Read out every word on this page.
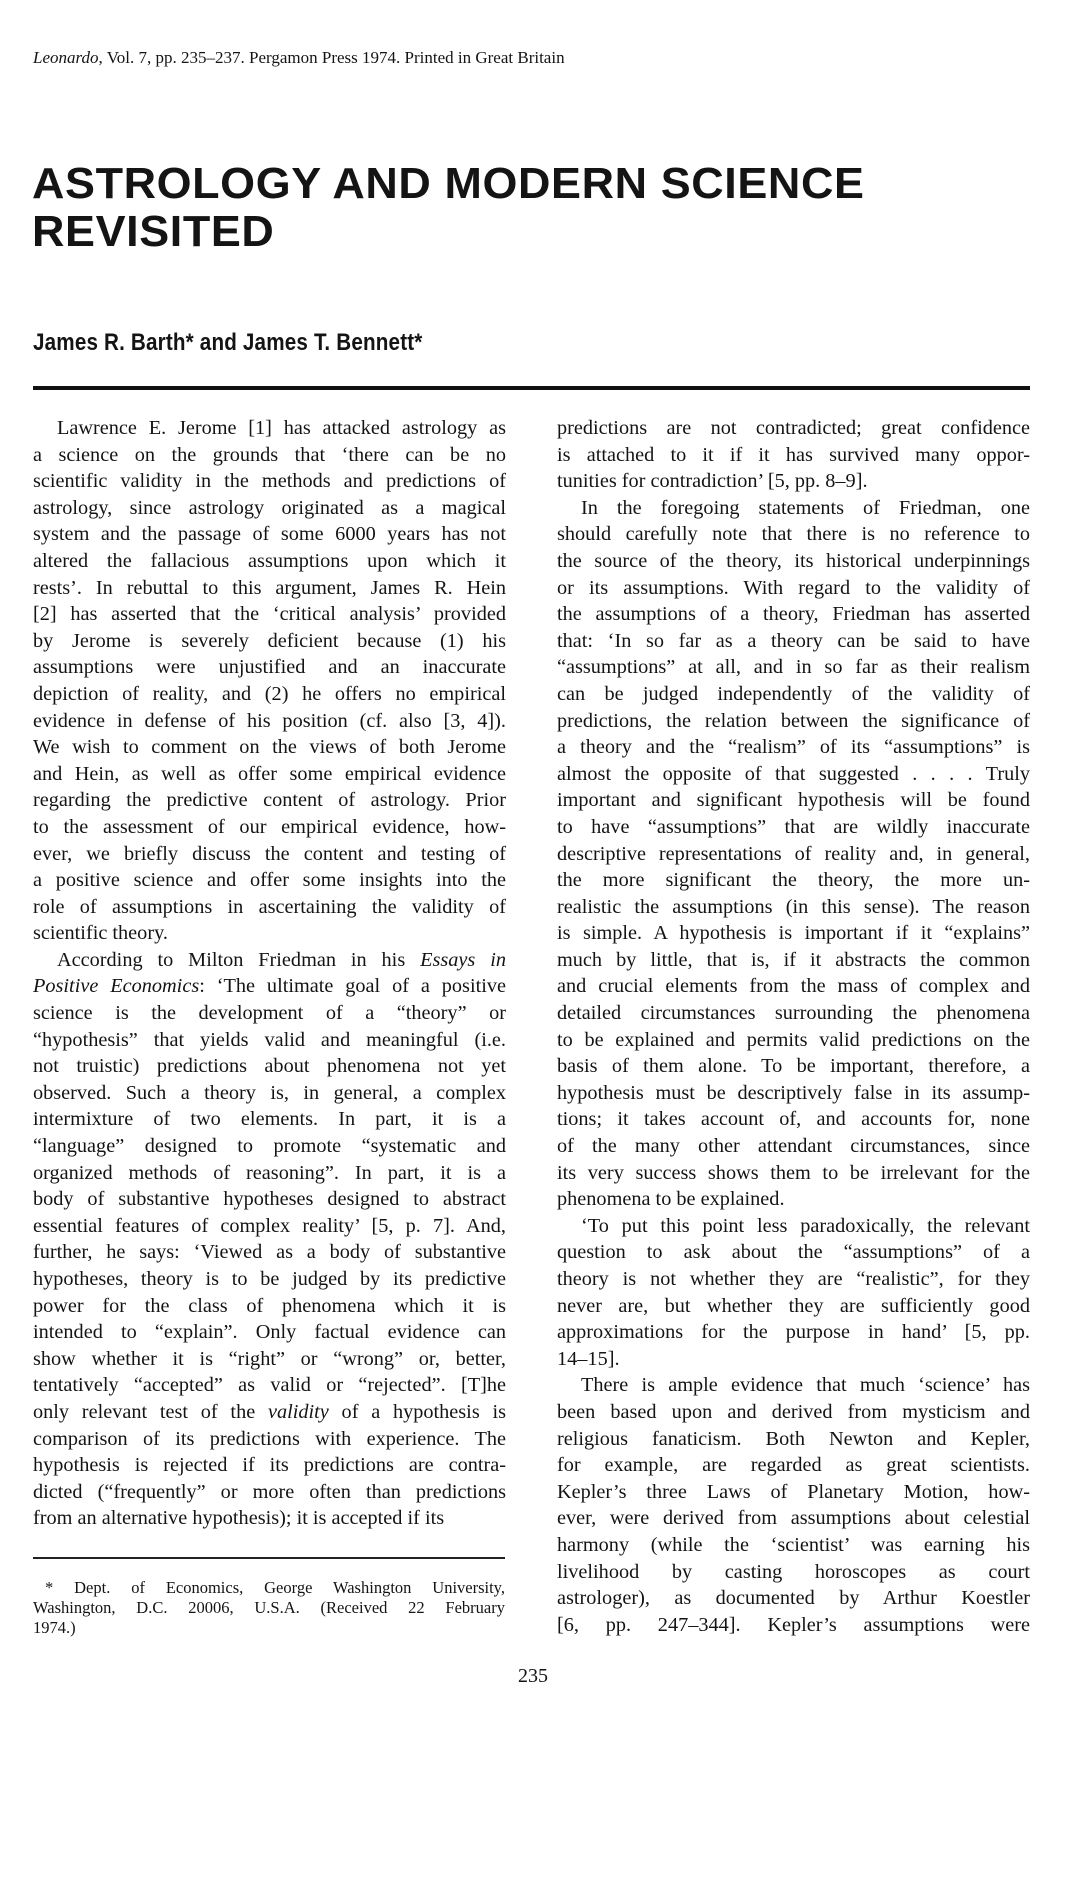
Leonardo, Vol. 7, pp. 235–237. Pergamon Press 1974. Printed in Great Britain
ASTROLOGY AND MODERN SCIENCE
REVISITED
James R. Barth* and James T. Bennett*
Lawrence E. Jerome [1] has attacked astrology as
a science on the grounds that ‘there can be no
scientific validity in the methods and predictions of
astrology, since astrology originated as a magical
system and the passage of some 6000 years has not
altered the fallacious assumptions upon which it
rests’. In rebuttal to this argument, James R. Hein
[2] has asserted that the ‘critical analysis’ provided
by Jerome is severely deficient because (1) his
assumptions were unjustified and an inaccurate
depiction of reality, and (2) he offers no empirical
evidence in defense of his position (cf. also [3, 4]).
We wish to comment on the views of both Jerome
and Hein, as well as offer some empirical evidence
regarding the predictive content of astrology. Prior
to the assessment of our empirical evidence, how-
ever, we briefly discuss the content and testing of
a positive science and offer some insights into the
role of assumptions in ascertaining the validity of
scientific theory.
According to Milton Friedman in his Essays in
Positive Economics: ‘The ultimate goal of a positive
science is the development of a “theory” or
“hypothesis” that yields valid and meaningful (i.e.
not truistic) predictions about phenomena not yet
observed. Such a theory is, in general, a complex
intermixture of two elements. In part, it is a
“language” designed to promote “systematic and
organized methods of reasoning”. In part, it is a
body of substantive hypotheses designed to abstract
essential features of complex reality’ [5, p. 7]. And,
further, he says: ‘Viewed as a body of substantive
hypotheses, theory is to be judged by its predictive
power for the class of phenomena which it is
intended to “explain”. Only factual evidence can
show whether it is “right” or “wrong” or, better,
tentatively “accepted” as valid or “rejected”. [T]he
only relevant test of the validity of a hypothesis is
comparison of its predictions with experience. The
hypothesis is rejected if its predictions are contra-
dicted (“frequently” or more often than predictions
from an alternative hypothesis); it is accepted if its
predictions are not contradicted; great confidence
is attached to it if it has survived many oppor-
tunities for contradiction’ [5, pp. 8–9].
In the foregoing statements of Friedman, one
should carefully note that there is no reference to
the source of the theory, its historical underpinnings
or its assumptions. With regard to the validity of
the assumptions of a theory, Friedman has asserted
that: ‘In so far as a theory can be said to have
“assumptions” at all, and in so far as their realism
can be judged independently of the validity of
predictions, the relation between the significance of
a theory and the “realism” of its “assumptions” is
almost the opposite of that suggested . . . . Truly
important and significant hypothesis will be found
to have “assumptions” that are wildly inaccurate
descriptive representations of reality and, in general,
the more significant the theory, the more un-
realistic the assumptions (in this sense). The reason
is simple. A hypothesis is important if it “explains”
much by little, that is, if it abstracts the common
and crucial elements from the mass of complex and
detailed circumstances surrounding the phenomena
to be explained and permits valid predictions on the
basis of them alone. To be important, therefore, a
hypothesis must be descriptively false in its assump-
tions; it takes account of, and accounts for, none
of the many other attendant circumstances, since
its very success shows them to be irrelevant for the
phenomena to be explained.
‘To put this point less paradoxically, the relevant
question to ask about the “assumptions” of a
theory is not whether they are “realistic”, for they
never are, but whether they are sufficiently good
approximations for the purpose in hand’ [5, pp.
14–15].
There is ample evidence that much ‘science’ has
been based upon and derived from mysticism and
religious fanaticism. Both Newton and Kepler,
for example, are regarded as great scientists.
Kepler’s three Laws of Planetary Motion, how-
ever, were derived from assumptions about celestial
harmony (while the ‘scientist’ was earning his
livelihood by casting horoscopes as court
astrologer), as documented by Arthur Koestler
[6, pp. 247–344]. Kepler’s assumptions were
* Dept. of Economics, George Washington University,
Washington, D.C. 20006, U.S.A. (Received 22 February
1974.)
235
